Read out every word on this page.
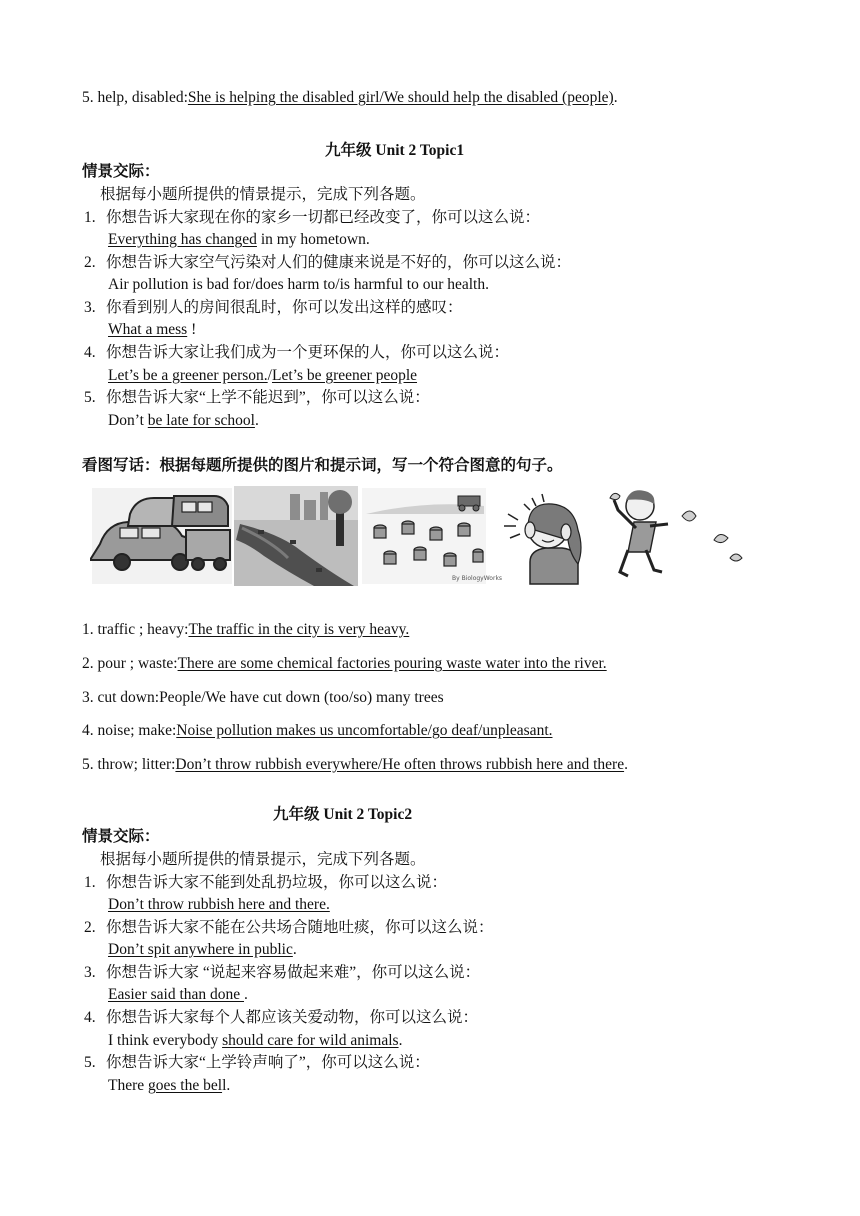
5. help, disabled:She is helping the disabled girl/We should help the disabled (people).
九年级 Unit 2 Topic1
情景交际：
根据每小题所提供的情景提示，完成下列各题。
1. 你想告诉大家现在你的家乡一切都已经改变了，你可以这么说：
Everything has changed in my hometown.
2. 你想告诉大家空气污染对人们的健康来说是不好的，你可以这么说：
Air pollution is bad for/does harm to/is harmful to our health.
3. 你看到别人的房间很乱时，你可以发出这样的感叹：
What a mess !
4. 你想告诉大家让我们成为一个更环保的人，你可以这么说：
Let’s be a greener person./Let’s be greener people
5. 你想告诉大家“上学不能迟到”，你可以这么说：
Don’t be late for school.
看图写话：根据每题所提供的图片和提示词，写一个符合图意的句子。
By BiologyWorks
1. traffic ; heavy:The traffic in the city is very heavy.
2. pour ; waste:There are some chemical factories pouring waste water into the river.
3. cut down:People/We have cut down (too/so) many trees
4. noise; make:Noise pollution makes us uncomfortable/go deaf/unpleasant.
5. throw; litter:Don’t throw rubbish everywhere/He often throws rubbish here and there.
九年级 Unit 2 Topic2
情景交际：
根据每小题所提供的情景提示，完成下列各题。
1. 你想告诉大家不能到处乱扔垃圾，你可以这么说：
Don’t throw rubbish here and there.
2. 你想告诉大家不能在公共场合随地吐痰，你可以这么说：
Don’t spit anywhere in public.
3. 你想告诉大家 “说起来容易做起来难”，你可以这么说：
Easier said than done .
4. 你想告诉大家每个人都应该关爱动物，你可以这么说：
I think everybody should care for wild animals.
5. 你想告诉大家“上学铃声响了”，你可以这么说：
There goes the bell.
